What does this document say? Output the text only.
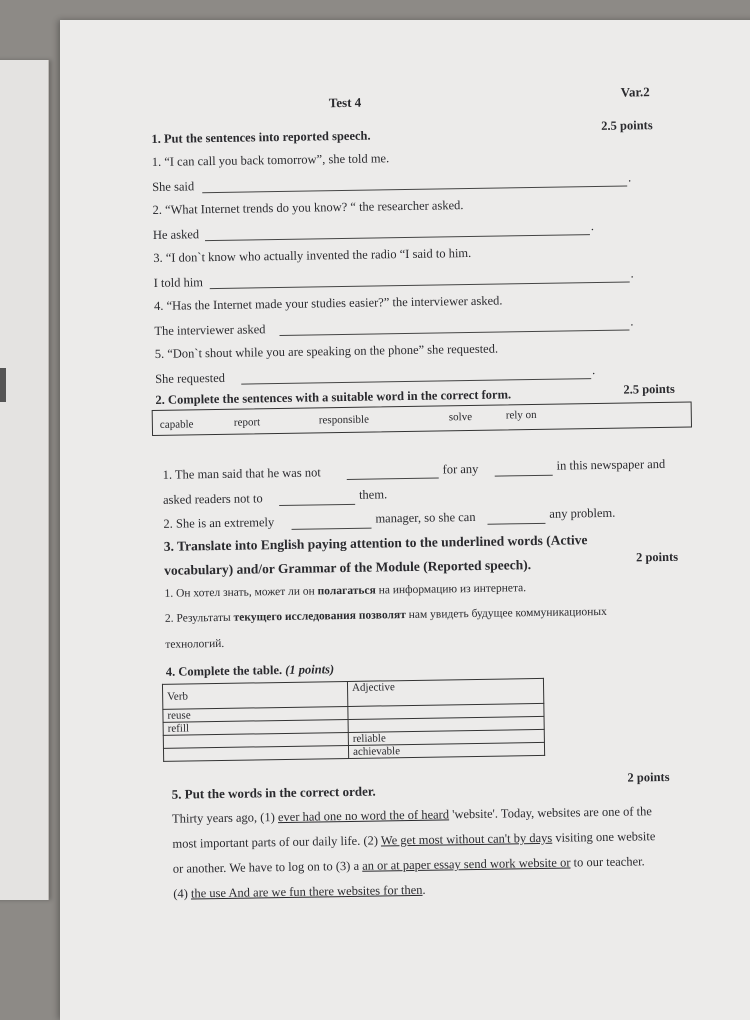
Test 4
Var.2
1. Put the sentences into reported speech.
2.5 points
1. “I can call you back tomorrow”, she told me.
She said
.
2. “What Internet trends do you know? “ the researcher asked.
He asked
.
3. “I don`t know who actually invented the radio “I said to him.
I told him
.
4. “Has the Internet made your studies easier?” the interviewer asked.
The interviewer asked
.
5. “Don`t shout while you are speaking on the phone” she requested.
She requested
.
2. Complete the sentences with a suitable word in the correct form.	2.5 points
capable	report	responsible	solve	rely on
1. The man said that he was not	for any	in this newspaper and
asked readers not to	them.
2. She is an extremely	manager, so she can	any problem.
3. Translate into English paying attention to the underlined words (Active
vocabulary) and/or Grammar of the Module (Reported speech).	2 points
1. Он хотел знать, может ли он полагаться на информацию из интернета.
2. Результаты текущего исследования позволят нам увидеть будущее коммуникационых
технологий.
4. Complete the table. (1 points)
Verb	Adjective
reuse	
refill	
	reliable
	achievable
5. Put the words in the correct order.
2 points
Thirty years ago, (1) ever had one no word the of heard 'website'. Today, websites are one of the
most important parts of our daily life. (2) We get most without can't by days visiting one website
or another. We have to log on to (3) a an or at paper essay send work website or to our teacher.
(4) the use And are we fun there websites for then.
